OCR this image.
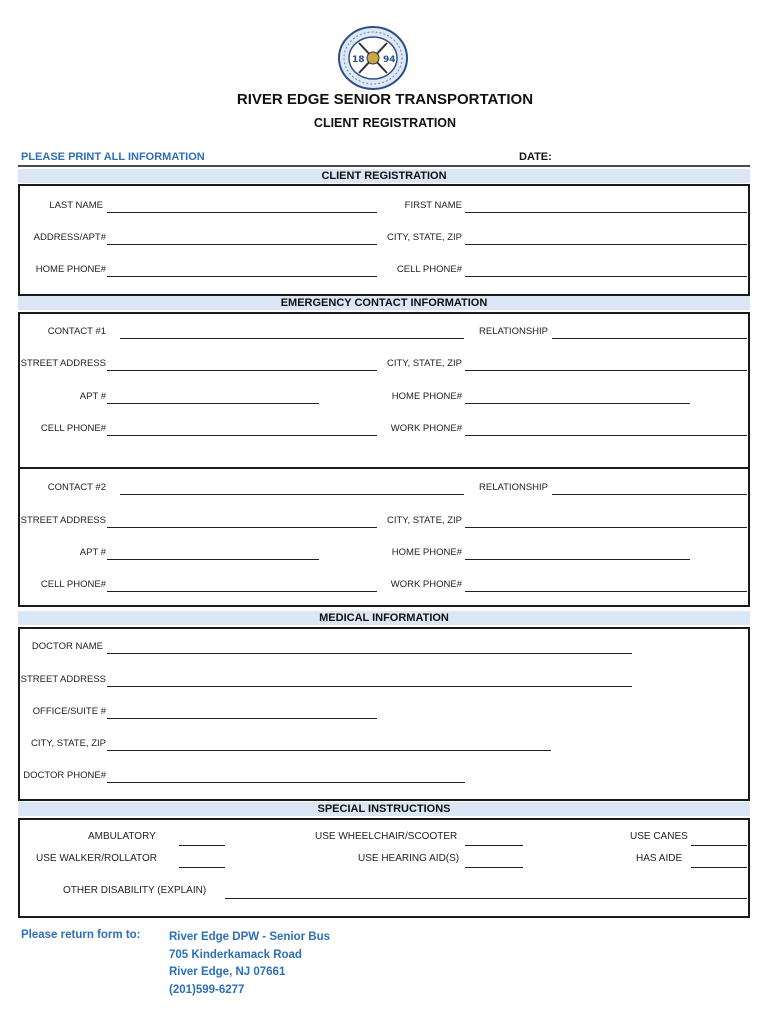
18 94
RIVER EDGE SENIOR TRANSPORTATION
CLIENT REGISTRATION
PLEASE PRINT ALL INFORMATION	DATE:
CLIENT REGISTRATION
LAST NAME	FIRST NAME
ADDRESS/APT#	CITY, STATE, ZIP
HOME PHONE#	CELL PHONE#
EMERGENCY CONTACT INFORMATION
CONTACT #1	RELATIONSHIP
STREET ADDRESS	CITY, STATE, ZIP
APT #	HOME PHONE#
CELL PHONE#	WORK PHONE#
CONTACT #2	RELATIONSHIP
STREET ADDRESS	CITY, STATE, ZIP
APT #	HOME PHONE#
CELL PHONE#	WORK PHONE#
MEDICAL INFORMATION
DOCTOR NAME
STREET ADDRESS
OFFICE/SUITE #
CITY, STATE, ZIP
DOCTOR PHONE#
SPECIAL INSTRUCTIONS
AMBULATORY	USE WHEELCHAIR/SCOOTER	USE CANES
USE WALKER/ROLLATOR	USE HEARING AID(S)	HAS AIDE
OTHER DISABILITY (EXPLAIN)
Please return form to: River Edge DPW - Senior Bus
705 Kinderkamack Road
River Edge, NJ 07661
(201)599-6277
